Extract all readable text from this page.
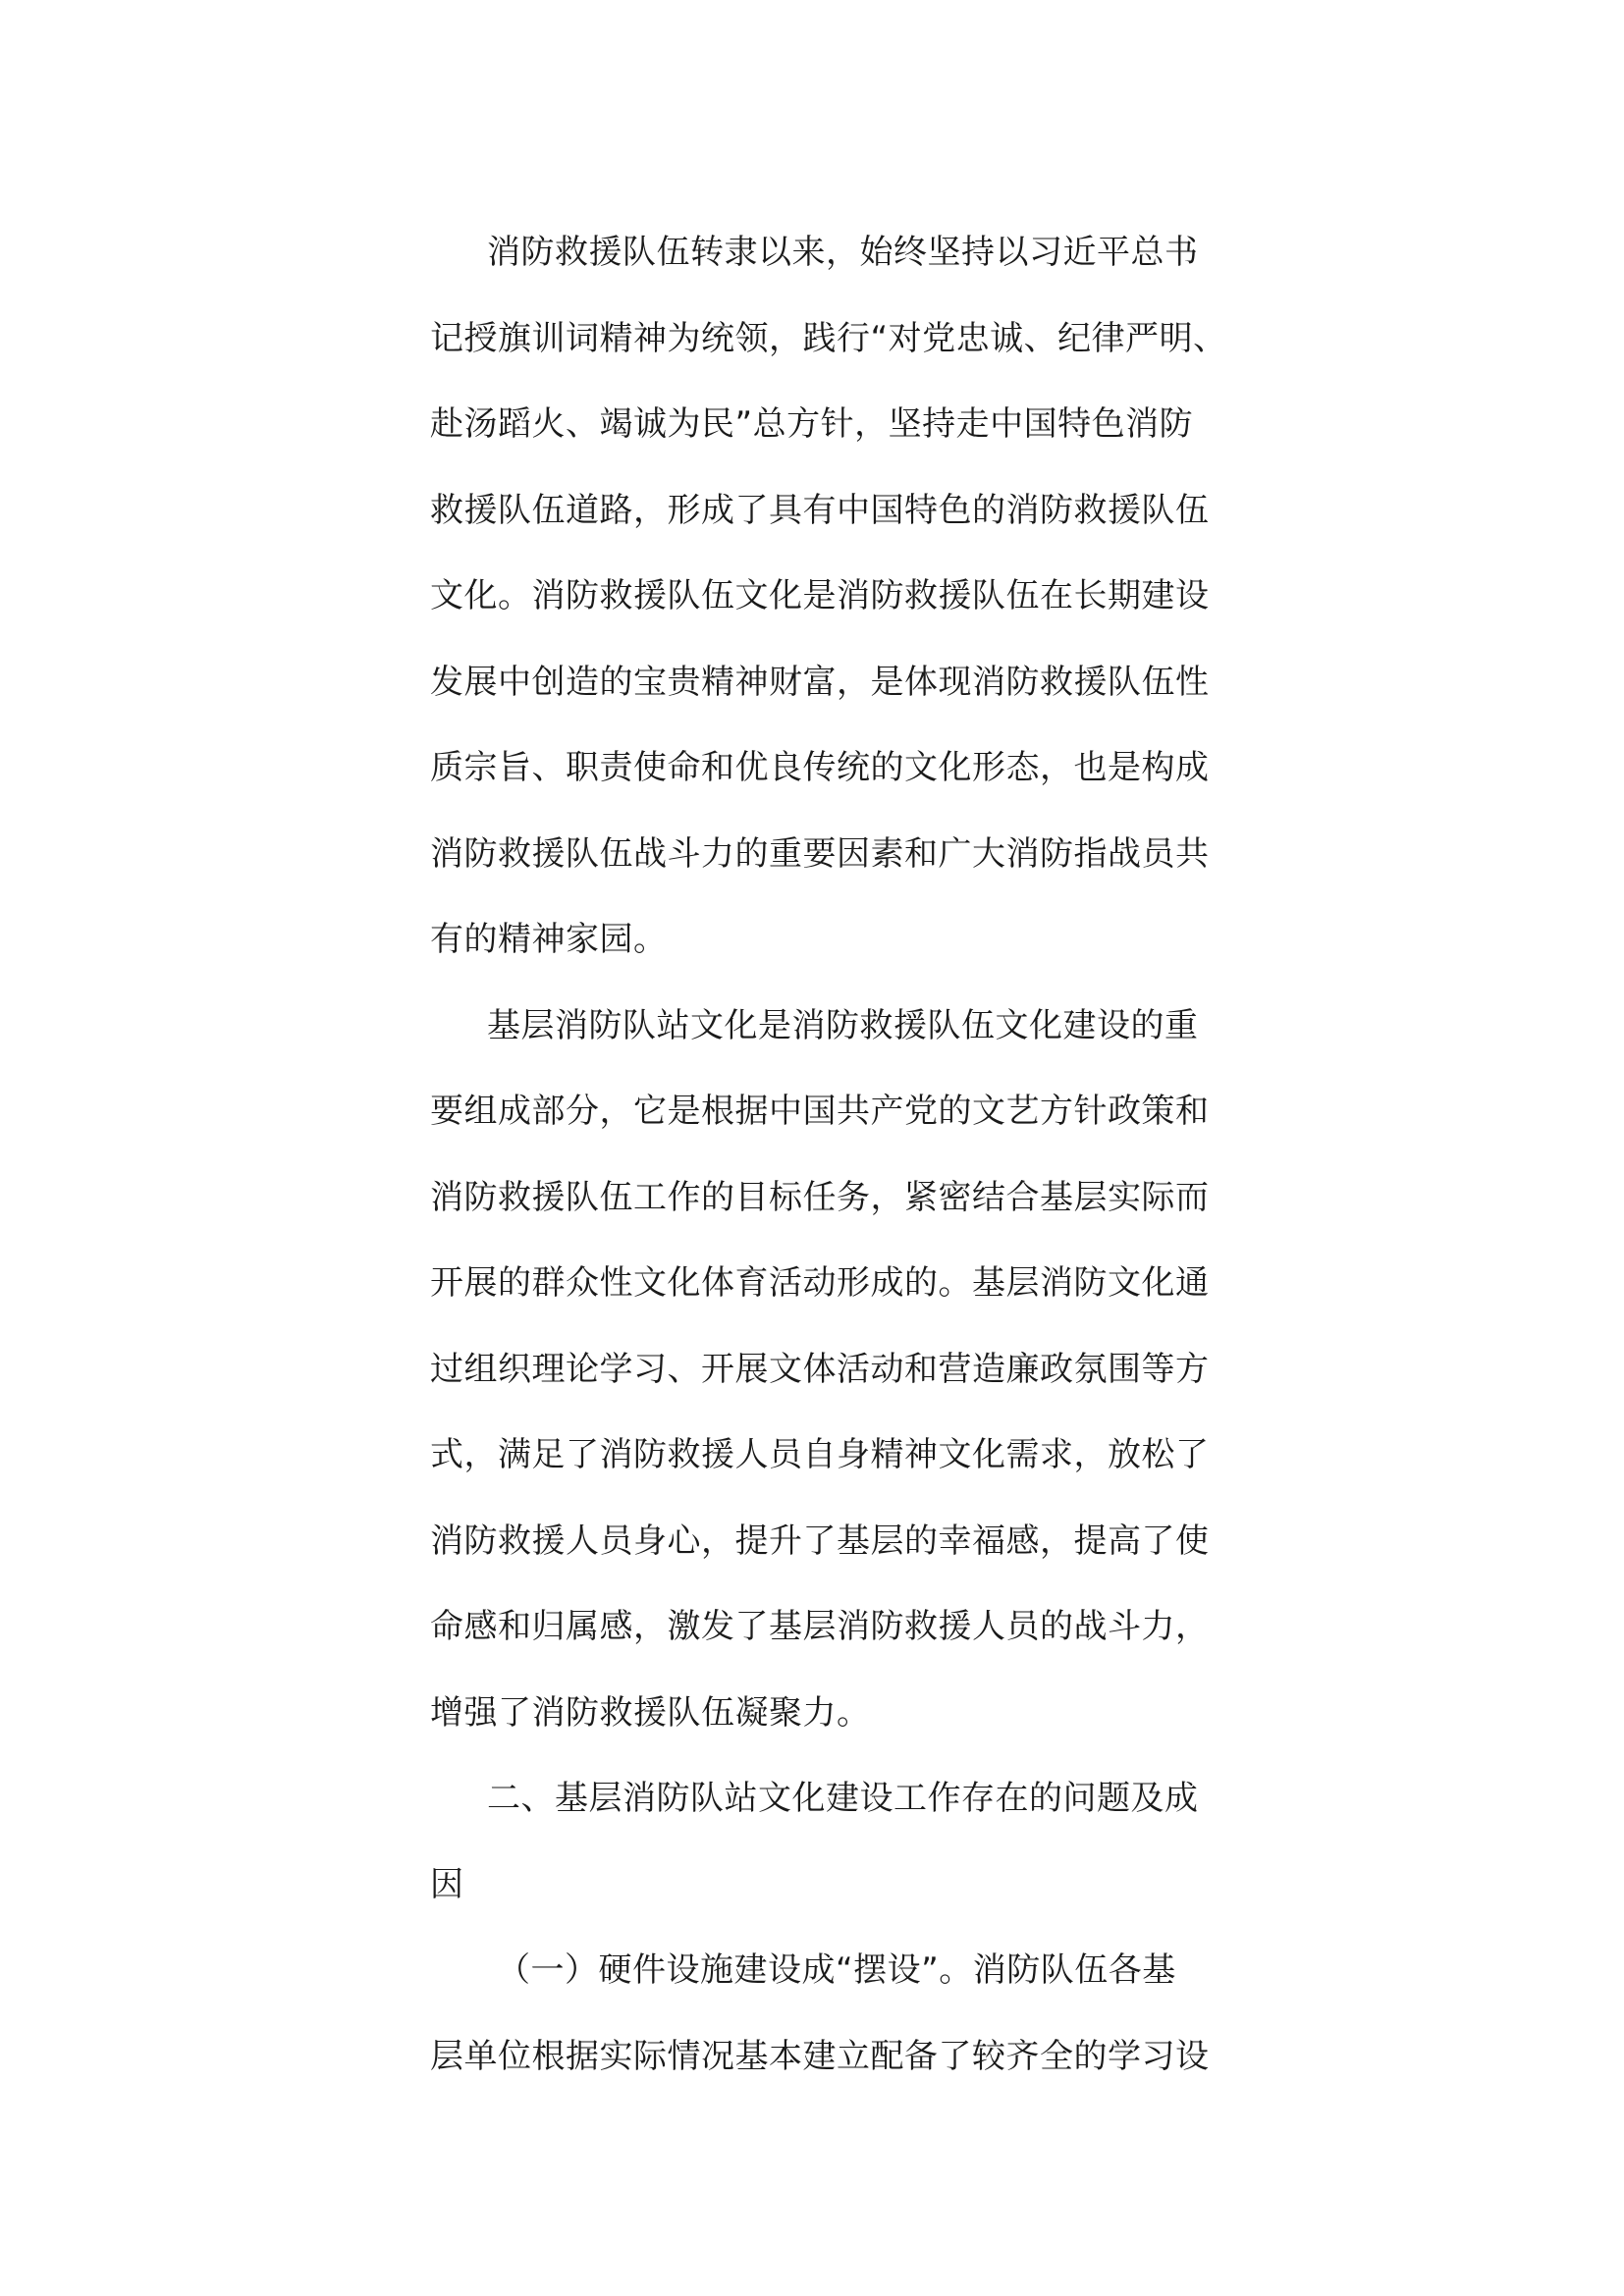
消防救援队伍转隶以来，始终坚持以习近平总书
记授旗训词精神为统领，践行“对党忠诚、纪律严明、
赴汤蹈火、竭诚为民”总方针，坚持走中国特色消防
救援队伍道路，形成了具有中国特色的消防救援队伍
文化。消防救援队伍文化是消防救援队伍在长期建设
发展中创造的宝贵精神财富，是体现消防救援队伍性
质宗旨、职责使命和优良传统的文化形态，也是构成
消防救援队伍战斗力的重要因素和广大消防指战员共
有的精神家园。
基层消防队站文化是消防救援队伍文化建设的重
要组成部分，它是根据中国共产党的文艺方针政策和
消防救援队伍工作的目标任务，紧密结合基层实际而
开展的群众性文化体育活动形成的。基层消防文化通
过组织理论学习、开展文体活动和营造廉政氛围等方
式，满足了消防救援人员自身精神文化需求，放松了
消防救援人员身心，提升了基层的幸福感，提高了使
命感和归属感，激发了基层消防救援人员的战斗力，
增强了消防救援队伍凝聚力。
二、基层消防队站文化建设工作存在的问题及成
因
（一）硬件设施建设成“摆设”。消防队伍各基
层单位根据实际情况基本建立配备了较齐全的学习设
